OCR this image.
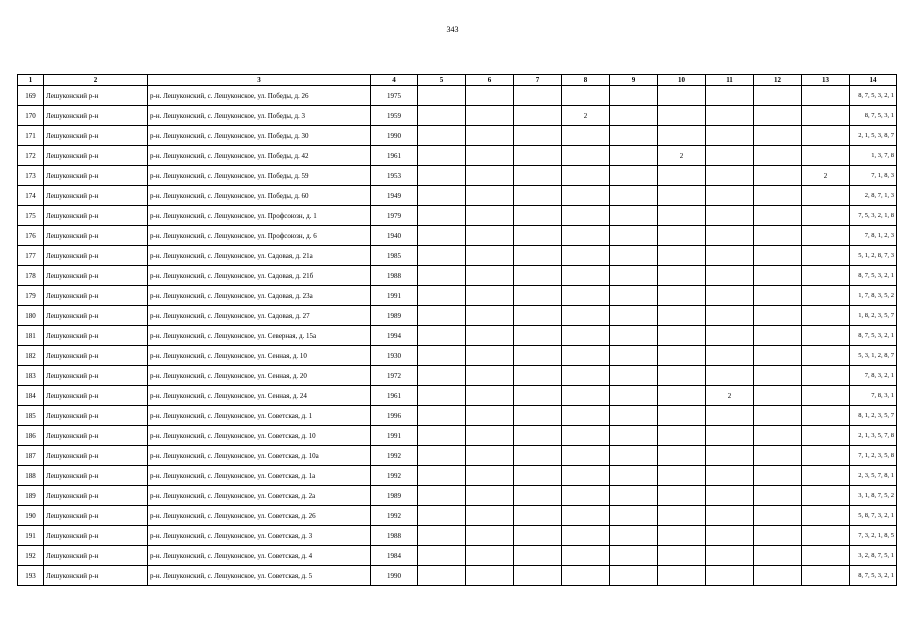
343
1	2	3	4	5	6	7	8	9	10	11	12	13	14
169	Лешуконский р-н	р-н. Лешуконский, с. Лешуконское, ул. Победы, д. 26	1975										8, 7, 5, 3, 2, 1
170	Лешуконский р-н	р-н. Лешуконский, с. Лешуконское, ул. Победы, д. 3	1959				2						8, 7, 5, 3, 1
171	Лешуконский р-н	р-н. Лешуконский, с. Лешуконское, ул. Победы, д. 30	1990										2, 1, 5, 3, 8, 7
172	Лешуконский р-н	р-н. Лешуконский, с. Лешуконское, ул. Победы, д. 42	1961						2				1, 3, 7, 8
173	Лешуконский р-н	р-н. Лешуконский, с. Лешуконское, ул. Победы, д. 59	1953									2	7, 1, 8, 3
174	Лешуконский р-н	р-н. Лешуконский, с. Лешуконское, ул. Победы, д. 60	1949										2, 8, 7, 1, 3
175	Лешуконский р-н	р-н. Лешуконский, с. Лешуконское, ул. Профсоюзн, д. 1	1979										7, 5, 3, 2, 1, 8
176	Лешуконский р-н	р-н. Лешуконский, с. Лешуконское, ул. Профсоюзн, д. 6	1940										7, 8, 1, 2, 3
177	Лешуконский р-н	р-н. Лешуконский, с. Лешуконское, ул. Садовая, д. 21а	1985										5, 1, 2, 8, 7, 3
178	Лешуконский р-н	р-н. Лешуконский, с. Лешуконское, ул. Садовая, д. 21б	1988										8, 7, 5, 3, 2, 1
179	Лешуконский р-н	р-н. Лешуконский, с. Лешуконское, ул. Садовая, д. 23а	1991										1, 7, 8, 3, 5, 2
180	Лешуконский р-н	р-н. Лешуконский, с. Лешуконское, ул. Садовая, д. 27	1989										1, 8, 2, 3, 5, 7
181	Лешуконский р-н	р-н. Лешуконский, с. Лешуконское, ул. Северная, д. 15а	1994										8, 7, 5, 3, 2, 1
182	Лешуконский р-н	р-н. Лешуконский, с. Лешуконское, ул. Сенная, д. 10	1930										5, 3, 1, 2, 8, 7
183	Лешуконский р-н	р-н. Лешуконский, с. Лешуконское, ул. Сенная, д. 20	1972										7, 8, 3, 2, 1
184	Лешуконский р-н	р-н. Лешуконский, с. Лешуконское, ул. Сенная, д. 24	1961							2			7, 8, 3, 1
185	Лешуконский р-н	р-н. Лешуконский, с. Лешуконское, ул. Советская, д. 1	1996										8, 1, 2, 3, 5, 7
186	Лешуконский р-н	р-н. Лешуконский, с. Лешуконское, ул. Советская, д. 10	1991										2, 1, 3, 5, 7, 8
187	Лешуконский р-н	р-н. Лешуконский, с. Лешуконское, ул. Советская, д. 10а	1992										7, 1, 2, 3, 5, 8
188	Лешуконский р-н	р-н. Лешуконский, с. Лешуконское, ул. Советская, д. 1а	1992										2, 3, 5, 7, 8, 1
189	Лешуконский р-н	р-н. Лешуконский, с. Лешуконское, ул. Советская, д. 2а	1989										3, 1, 8, 7, 5, 2
190	Лешуконский р-н	р-н. Лешуконский, с. Лешуконское, ул. Советская, д. 26	1992										5, 8, 7, 3, 2, 1
191	Лешуконский р-н	р-н. Лешуконский, с. Лешуконское, ул. Советская, д. 3	1988										7, 3, 2, 1, 8, 5
192	Лешуконский р-н	р-н. Лешуконский, с. Лешуконское, ул. Советская, д. 4	1984										3, 2, 8, 7, 5, 1
193	Лешуконский р-н	р-н. Лешуконский, с. Лешуконское, ул. Советская, д. 5	1990										8, 7, 5, 3, 2, 1
